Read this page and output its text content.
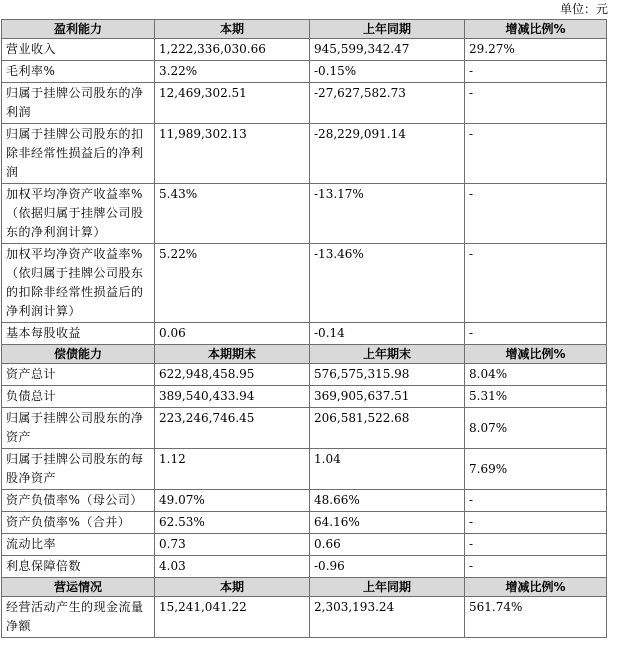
单位：元
盈利能力	本期	上年同期	增减比例%
营业收入	1,222,336,030.66	945,599,342.47	29.27%
毛利率%	3.22%	-0.15%	-
归属于挂牌公司股东的净利润	12,469,302.51	-27,627,582.73	-
归属于挂牌公司股东的扣除非经常性损益后的净利润	11,989,302.13	-28,229,091.14	-
加权平均净资产收益率%（依据归属于挂牌公司股东的净利润计算）	5.43%	-13.17%	-
加权平均净资产收益率%（依归属于挂牌公司股东的扣除非经常性损益后的净利润计算）	5.22%	-13.46%	-
基本每股收益	0.06	-0.14	-
偿债能力	本期期末	上年期末	增减比例%
资产总计	622,948,458.95	576,575,315.98	8.04%
负债总计	389,540,433.94	369,905,637.51	5.31%
归属于挂牌公司股东的净资产	223,246,746.45	206,581,522.68	8.07%
归属于挂牌公司股东的每股净资产	1.12	1.04	7.69%
资产负债率%（母公司）	49.07%	48.66%	-
资产负债率%（合并）	62.53%	64.16%	-
流动比率	0.73	0.66	-
利息保障倍数	4.03	-0.96	-
营运情况	本期	上年同期	增减比例%
经营活动产生的现金流量净额	15,241,041.22	2,303,193.24	561.74%
